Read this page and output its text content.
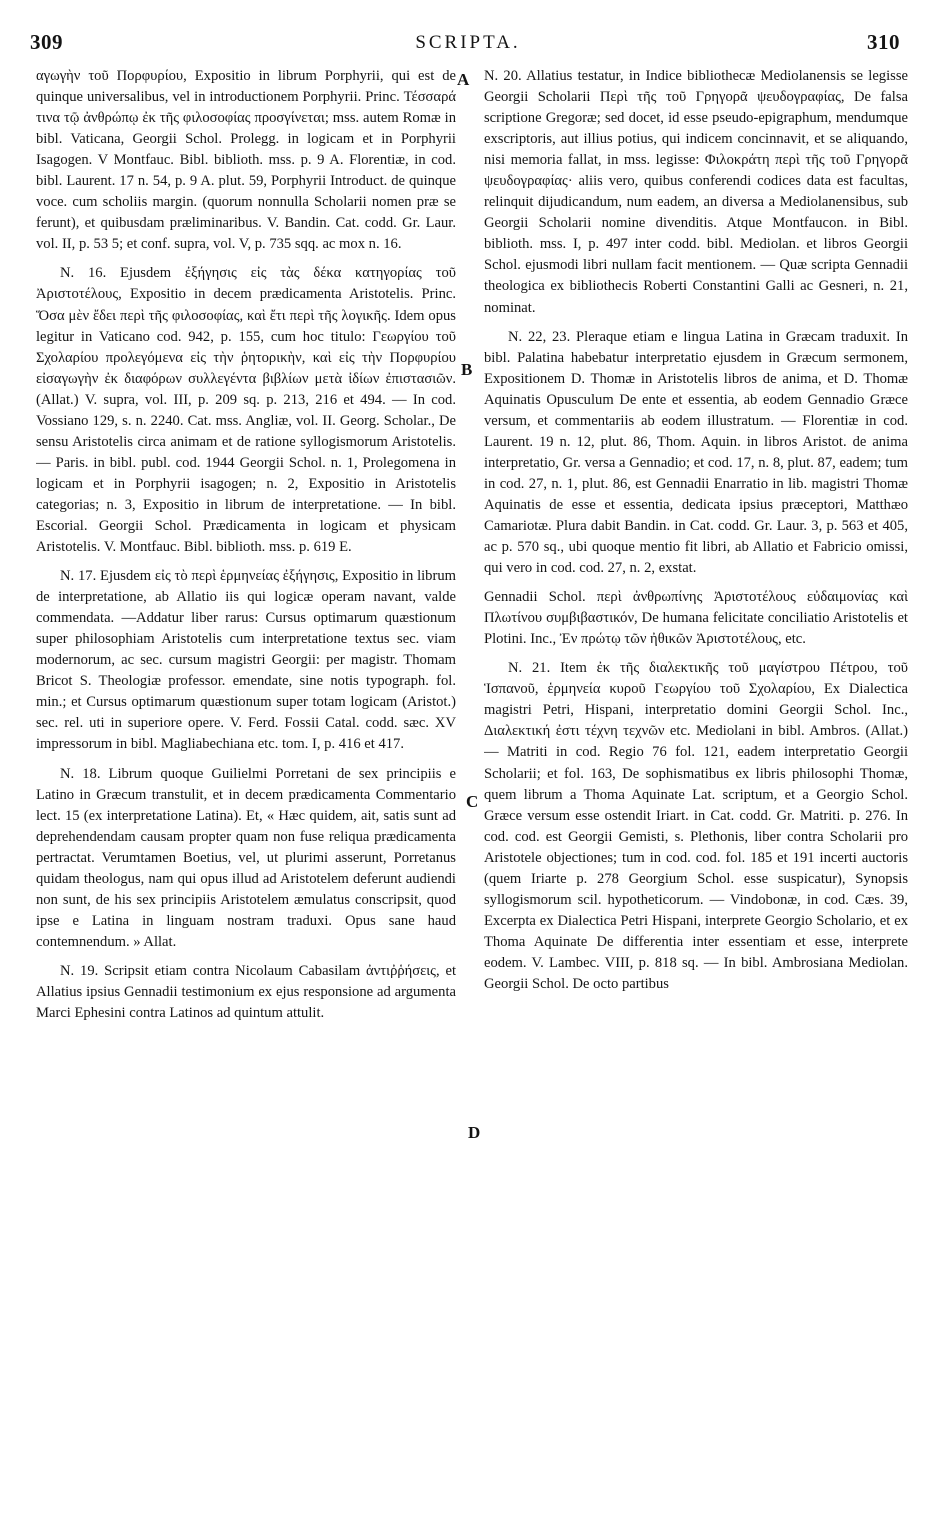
309	SCRIPTA.	310

αγωγὴν τοῦ Πορφυρίου, Expositio in librum Porphyrii, qui est de quinque universalibus, vel in introductionem Porphyrii. Princ. Τέσσαρά τινα τῷ ἀνθρώπῳ ἐκ τῆς φιλοσοφίας προσγίνεται; mss. autem Romæ in bibl. Vaticana, Georgii Schol. Prolegg. in logicam et in Porphyrii Isagogen. V Montfauc. Bibl. biblioth. mss. p. 9 A. Florentiæ, in cod. bibl. Laurent. 17 n. 54, p. 9 A. plut. 59, Porphyrii Introduct. de quinque voce. cum scholiis margin. (quorum nonnulla Scholarii nomen præ se ferunt), et quibusdam præliminaribus. V. Bandin. Cat. codd. Gr. Laur. vol. II, p. 53 5; et conf. supra, vol. V, p. 735 sqq. ac mox n. 16.

N. 16. Ejusdem ἐξήγησις εἰς τὰς δέκα κατηγορίας τοῦ Ἀριστοτέλους, Expositio in decem prædicamenta Aristotelis. Princ. Ὅσα μὲν ἔδει περὶ τῆς φιλοσοφίας, καὶ ἔτι περὶ τῆς λογικῆς. Idem opus legitur in Vaticano cod. 942, p. 155, cum hoc titulo: Γεωργίου τοῦ Σχολαρίου προλεγόμενα εἰς τὴν ῥητορικὴν, καὶ εἰς τὴν Πορφυρίου εἰσαγωγὴν ἐκ διαφόρων συλλεγέντα βιβλίων μετὰ ἰδίων ἐπιστασιῶν. (Allat.) V. supra, vol. III, p. 209 sq. p. 213, 216 et 494. — In cod. Vossiano 129, s. n. 2240. Cat. mss. Angliæ, vol. II. Georg. Scholar., De sensu Aristotelis circa animam et de ratione syllogismorum Aristotelis. — Paris. in bibl. publ. cod. 1944 Georgii Schol. n. 1, Prolegomena in logicam et in Porphyrii isagogen; n. 2, Expositio in Aristotelis categorias; n. 3, Expositio in librum de interpretatione. — In bibl. Escorial. Georgii Schol. Prædicamenta in logicam et physicam Aristotelis. V. Montfauc. Bibl. biblioth. mss. p. 619 E.

N. 17. Ejusdem εἰς τὸ περὶ ἑρμηνείας ἐξήγησις, Expositio in librum de interpretatione, ab Allatio iis qui logicæ operam navant, valde commendata. —Addatur liber rarus: Cursus optimarum quæstionum super philosophiam Aristotelis cum interpretatione textus sec. viam modernorum, ac sec. cursum magistri Georgii: per magistr. Thomam Bricot S. Theologiæ professor. emendate, sine notis typograph. fol. min.; et Cursus optimarum quæstionum super totam logicam (Aristot.) sec. rel. uti in superiore opere. V. Ferd. Fossii Catal. codd. sæc. XV impressorum in bibl. Magliabechiana etc. tom. I, p. 416 et 417.

N. 18. Librum quoque Guilielmi Porretani de sex principiis e Latino in Græcum transtulit, et in decem prædicamenta Commentario lect. 15 (ex interpretatione Latina). Et, « Hæc quidem, ait, satis sunt ad deprehendendam causam propter quam non fuse reliqua prædicamenta pertractat. Verumtamen Boetius, vel, ut plurimi asserunt, Porretanus quidam theologus, nam qui opus illud ad Aristotelem deferunt audiendi non sunt, de his sex principiis Aristotelem æmulatus conscripsit, quod ipse e Latina in linguam nostram traduxi. Opus sane haud contemnendum. » Allat.

N. 19. Scripsit etiam contra Nicolaum Cabasilam ἀντιῤῥήσεις, et Allatius ipsius Gennadii testimonium ex ejus responsione ad argumenta Marci Ephesini contra Latinos ad quintum attulit.

A
B
C
D

N. 20. Allatius testatur, in Indice bibliothecæ Mediolanensis se legisse Georgii Scholarii Περὶ τῆς τοῦ Γρηγορᾶ ψευδογραφίας, De falsa scriptione Gregoræ; sed docet, id esse pseudo-epigraphum, mendumque exscriptoris, aut illius potius, qui indicem concinnavit, et se aliquando, nisi memoria fallat, in mss. legisse: Φιλοκράτη περὶ τῆς τοῦ Γρηγορᾶ ψευδογραφίας· aliis vero, quibus conferendi codices data est facultas, relinquit dijudicandum, num eadem, an diversa a Mediolanensibus, sub Georgii Scholarii nomine divenditis. Atque Montfaucon. in Bibl. biblioth. mss. I, p. 497 inter codd. bibl. Mediolan. et libros Georgii Schol. ejusmodi libri nullam facit mentionem. — Quæ scripta Gennadii theologica ex bibliothecis Roberti Constantini Galli ac Gesneri, n. 21, nominat.

N. 22, 23. Pleraque etiam e lingua Latina in Græcam traduxit. In bibl. Palatina habebatur interpretatio ejusdem in Græcum sermonem, Expositionem D. Thomæ in Aristotelis libros de anima, et D. Thomæ Aquinatis Opusculum De ente et essentia, ab eodem Gennadio Græce versum, et commentariis ab eodem illustratum. — Florentiæ in cod. Laurent. 19 n. 12, plut. 86, Thom. Aquin. in libros Aristot. de anima interpretatio, Gr. versa a Gennadio; et cod. 17, n. 8, plut. 87, eadem; tum in cod. 27, n. 1, plut. 86, est Gennadii Enarratio in lib. magistri Thomæ Aquinatis de esse et essentia, dedicata ipsius præceptori, Matthæo Camariotæ. Plura dabit Bandin. in Cat. codd. Gr. Laur. 3, p. 563 et 405, ac p. 570 sq., ubi quoque mentio fit libri, ab Allatio et Fabricio omissi, qui vero in cod. cod. 27, n. 2, exstat.

Gennadii Schol. περὶ ἀνθρωπίνης Ἀριστοτέλους εὐδαιμονίας καὶ Πλωτίνου συμβιβαστικόν, De humana felicitate conciliatio Aristotelis et Plotini. Inc., Ἐν πρώτῳ τῶν ἠθικῶν Ἀριστοτέλους, etc.

N. 21. Item ἐκ τῆς διαλεκτικῆς τοῦ μαγίστρου Πέτρου, τοῦ Ἱσπανοῦ, ἑρμηνεία κυροῦ Γεωργίου τοῦ Σχολαρίου, Ex Dialectica magistri Petri, Hispani, interpretatio domini Georgii Schol. Inc., Διαλεκτική ἐστι τέχνη τεχνῶν etc. Mediolani in bibl. Ambros. (Allat.) — Matriti in cod. Regio 76 fol. 121, eadem interpretatio Georgii Scholarii; et fol. 163, De sophismatibus ex libris philosophi Thomæ, quem librum a Thoma Aquinate Lat. scriptum, et a Georgio Schol. Græce versum esse ostendit Iriart. in Cat. codd. Gr. Matriti. p. 276. In cod. cod. est Georgii Gemisti, s. Plethonis, liber contra Scholarii pro Aristotele objectiones; tum in cod. cod. fol. 185 et 191 incerti auctoris (quem Iriarte p. 278 Georgium Schol. esse suspicatur), Synopsis syllogismorum scil. hypotheticorum. — Vindobonæ, in cod. Cæs. 39, Excerpta ex Dialectica Petri Hispani, interprete Georgio Scholario, et ex Thoma Aquinate De differentia inter essentiam et esse, interprete eodem. V. Lambec. VIII, p. 818 sq. — In bibl. Ambrosiana Mediolan. Georgii Schol. De octo partibus
